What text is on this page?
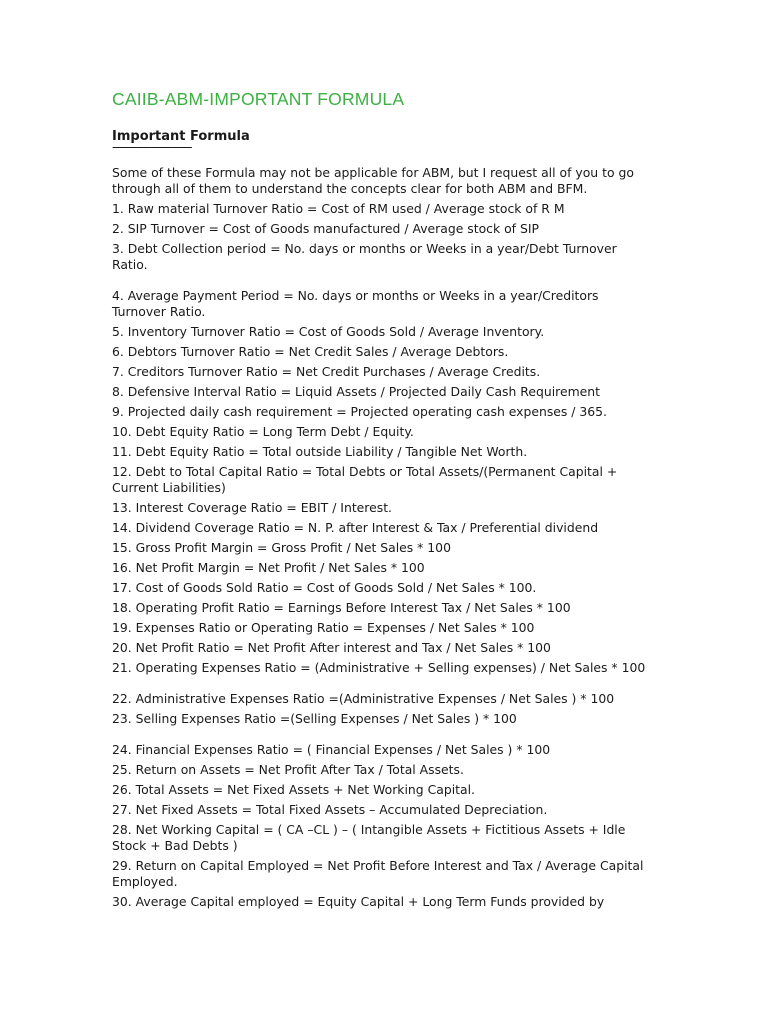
CAIIB-ABM-IMPORTANT FORMULA
Important Formula
---------------------------
Some of these Formula may not be applicable for ABM, but I request all of you to go through all of them to understand the concepts clear for both ABM and BFM.
1. Raw material Turnover Ratio = Cost of RM used / Average stock of R M
2. SIP Turnover = Cost of Goods manufactured / Average stock of SIP
3. Debt Collection period = No. days or months or Weeks in a year/Debt Turnover Ratio.
4. Average Payment Period = No. days or months or Weeks in a year/Creditors Turnover Ratio.
5. Inventory Turnover Ratio = Cost of Goods Sold / Average Inventory.
6. Debtors Turnover Ratio = Net Credit Sales / Average Debtors.
7. Creditors Turnover Ratio = Net Credit Purchases / Average Credits.
8. Defensive Interval Ratio = Liquid Assets / Projected Daily Cash Requirement
9. Projected daily cash requirement = Projected operating cash expenses / 365.
10. Debt Equity Ratio = Long Term Debt / Equity.
11. Debt Equity Ratio = Total outside Liability / Tangible Net Worth.
12. Debt to Total Capital Ratio = Total Debts or Total Assets/(Permanent Capital + Current Liabilities)
13. Interest Coverage Ratio = EBIT / Interest.
14. Dividend Coverage Ratio = N. P. after Interest & Tax / Preferential dividend
15. Gross Profit Margin = Gross Profit / Net Sales * 100
16. Net Profit Margin = Net Profit / Net Sales * 100
17. Cost of Goods Sold Ratio = Cost of Goods Sold / Net Sales * 100.
18. Operating Profit Ratio = Earnings Before Interest Tax / Net Sales * 100
19. Expenses Ratio or Operating Ratio = Expenses / Net Sales * 100
20. Net Profit Ratio = Net Profit After interest and Tax / Net Sales * 100
21. Operating Expenses Ratio = (Administrative + Selling expenses) / Net Sales * 100
22. Administrative Expenses Ratio =(Administrative Expenses / Net Sales ) * 100
23. Selling Expenses Ratio =(Selling Expenses / Net Sales ) * 100
24. Financial Expenses Ratio = ( Financial Expenses / Net Sales ) * 100
25. Return on Assets = Net Profit After Tax / Total Assets.
26. Total Assets = Net Fixed Assets + Net Working Capital.
27. Net Fixed Assets = Total Fixed Assets – Accumulated Depreciation.
28. Net Working Capital = ( CA –CL ) – ( Intangible Assets + Fictitious Assets + Idle Stock + Bad Debts )
29. Return on Capital Employed = Net Profit Before Interest and Tax / Average Capital Employed.
30. Average Capital employed = Equity Capital + Long Term Funds provided by
